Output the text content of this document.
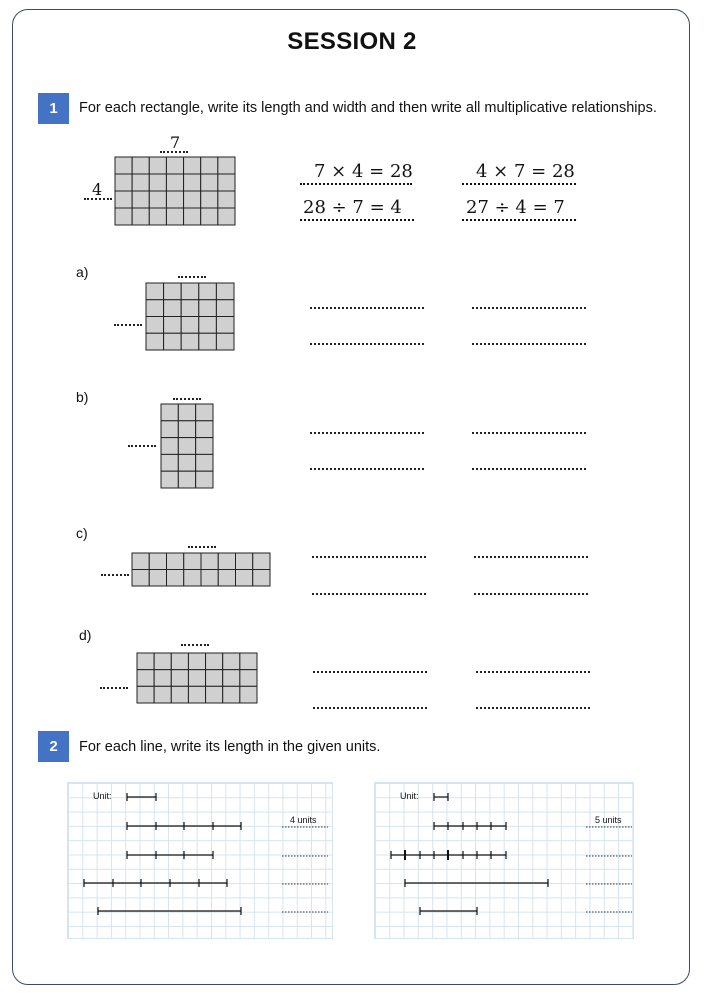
SESSION 2
1	For each rectangle, write its length and width and then write all multiplicative relationships.
7
4
7 × 4 = 28	4 × 7 = 28
28 ÷ 7 = 4	27 ÷ 4 = 7
a)
b)
c)
d)
2	For each line, write its length in the given units.
Unit:
4 units
Unit:
5 units
